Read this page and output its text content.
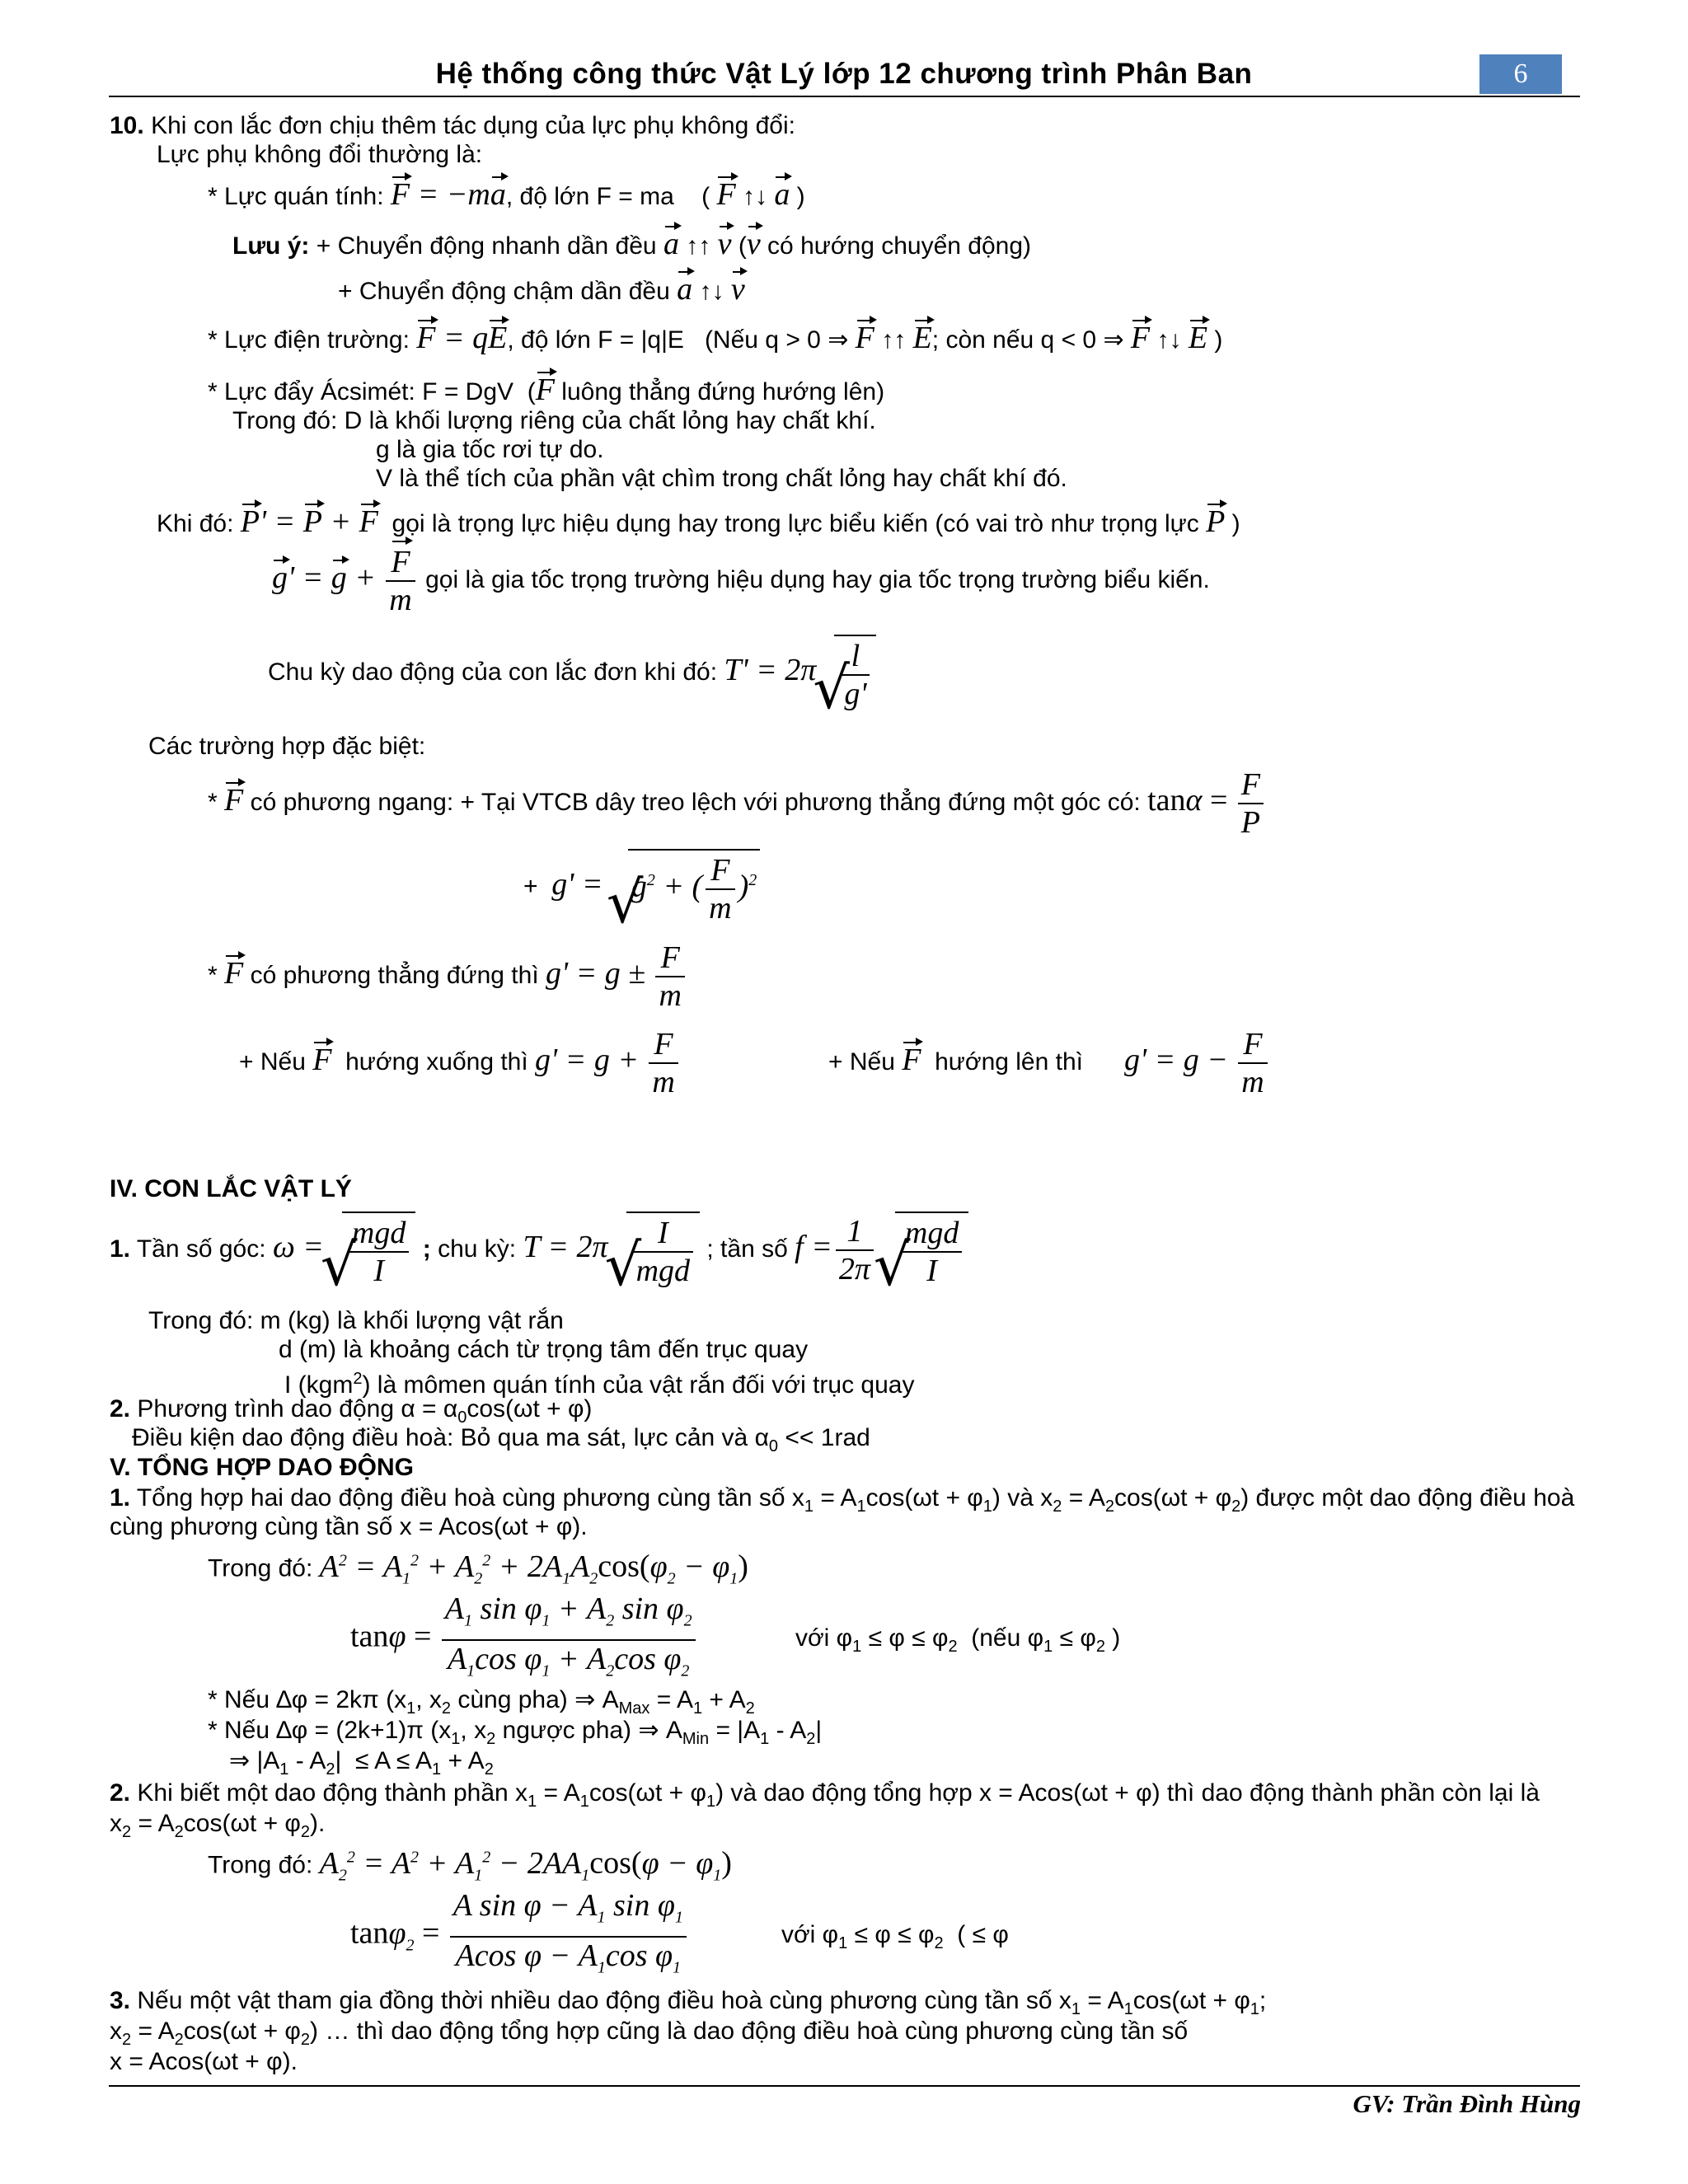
Hệ thống công thức Vật Lý lớp 12 chương trình Phân Ban	6
10. Khi con lắc đơn chịu thêm tác dụng của lực phụ không đổi:
Lực phụ không đổi thường là:
* Lực quán tính: F = −ma, độ lớn F = ma    ( F ↑↓ a )
Lưu ý: + Chuyển động nhanh dần đều a ↑↑ v (v có hướng chuyển động)
+ Chuyển động chậm dần đều a ↑↓ v
* Lực điện trường: F = qE, độ lớn F = |q|E (Nếu q > 0 ⇒ F ↑↑ E; còn nếu q < 0 ⇒ F ↑↓ E )
* Lực đẩy Ácsimét: F = DgV  (F luông thẳng đứng hướng lên)
Trong đó: D là khối lượng riêng của chất lỏng hay chất khí.
g là gia tốc rơi tự do.
V là thể tích của phần vật chìm trong chất lỏng hay chất khí đó.
Khi đó: P' = P + F gọi là trọng lực hiệu dụng hay trong lực biểu kiến (có vai trò như trọng lực P )
$g' = g + \frac{F}{m}$ gọi là gia tốc trọng trường hiệu dụng hay gia tốc trọng trường biểu kiến.
Chu kỳ dao động của con lắc đơn khi đó: T' = 2π √ $\frac{l}{g'}$
Các trường hợp đặc biệt:
* F có phương ngang: + Tại VTCB dây treo lệch với phương thẳng đứng một góc có: $\tan\alpha = \frac{F}{P}$
+  g' = √ $g^2$ + ( $\frac{F}{m} )^2$
* F có phương thẳng đứng thì $g' = g \pm \frac{F}{m}$
+ Nếu F hướng xuống thì $g' = g + \frac{F}{m}$	+ Nếu F hướng lên thì $g' = g - \frac{F}{m}$
IV. CON LẮC VẬT LÝ
1. Tần số góc: ω = √ $\frac{\text{mgd}}{I}$ ; chu kỳ: T = 2π √ $\frac{I}{\text{mgd}}$ ; tần số $f = \frac{1}{2\pi}$ √ $\frac{\text{mgd}}{I}$
Trong đó: m (kg) là khối lượng vật rắn
d (m) là khoảng cách từ trọng tâm đến trục quay
I (kgm$^2$) là mômen quán tính của vật rắn đối với trục quay
2. Phương trình dao động $\alpha = \alpha_0\cos(\omega t + \varphi)$
Điều kiện dao động điều hoà: Bỏ qua ma sát, lực cản và $\alpha_0 << 1rad$
V. TỔNG HỢP DAO ĐỘNG
1. Tổng hợp hai dao động điều hoà cùng phương cùng tần số $x_1 = A_1\cos(\omega t + \varphi_1)$ và $x_2 = A_2\cos(\omega t + \varphi_2)$ được một dao động điều hoà
cùng phương cùng tần số x = Acos(ωt + φ).
Trong đó: $A^2 = A_1^2 + A_2^2 + 2A_1A_2\cos(\varphi_2 - \varphi_1)$
$\tan\varphi = \frac{A_1 \sin \varphi_1 + A_2 \sin \varphi_2}{A_1\cos \varphi_1 + A_2\cos \varphi_2}$	với $\varphi_1 \le \varphi \le \varphi_2$ (nếu $\varphi_1 \le \varphi_2$ )
* Nếu ∆φ = 2kπ ($x_1$, $x_2$ cùng pha) ⇒ $A_{Max} = A_1 + A_2$
* Nếu ∆φ = (2k+1)π ($x_1$, $x_2$ ngược pha) ⇒ $A_{Min} = |A_1 - A_2|$
⇒ $|A_1 - A_2| \le A \le A_1 + A_2$
2. Khi biết một dao động thành phần $x_1 = A_1\cos(\omega t + \varphi_1)$ và dao động tổng hợp x = Acos(ωt + φ) thì dao động thành phần còn lại là
$x_2 = A_2\cos(\omega t + \varphi_2)$.
Trong đó: $A_2^2 = A^2 + A_1^2 - 2AA_1\cos(\varphi - \varphi_1)$
$\tan\varphi_2 = \frac{A \sin \varphi - A_1 \sin \varphi_1}{Acos \varphi - A_1\cos \varphi_1}$	với $\varphi_1 \le \varphi \le \varphi_2$  ( ≤ φ
3. Nếu một vật tham gia đồng thời nhiều dao động điều hoà cùng phương cùng tần số $x_1 = A_1\cos(\omega t + \varphi_1$;
$x_2 = A_2\cos(\omega t + \varphi_2)$ … thì dao động tổng hợp cũng là dao động điều hoà cùng phương cùng tần số
x = Acos(ωt + φ).
GV: Trần Đình Hùng
